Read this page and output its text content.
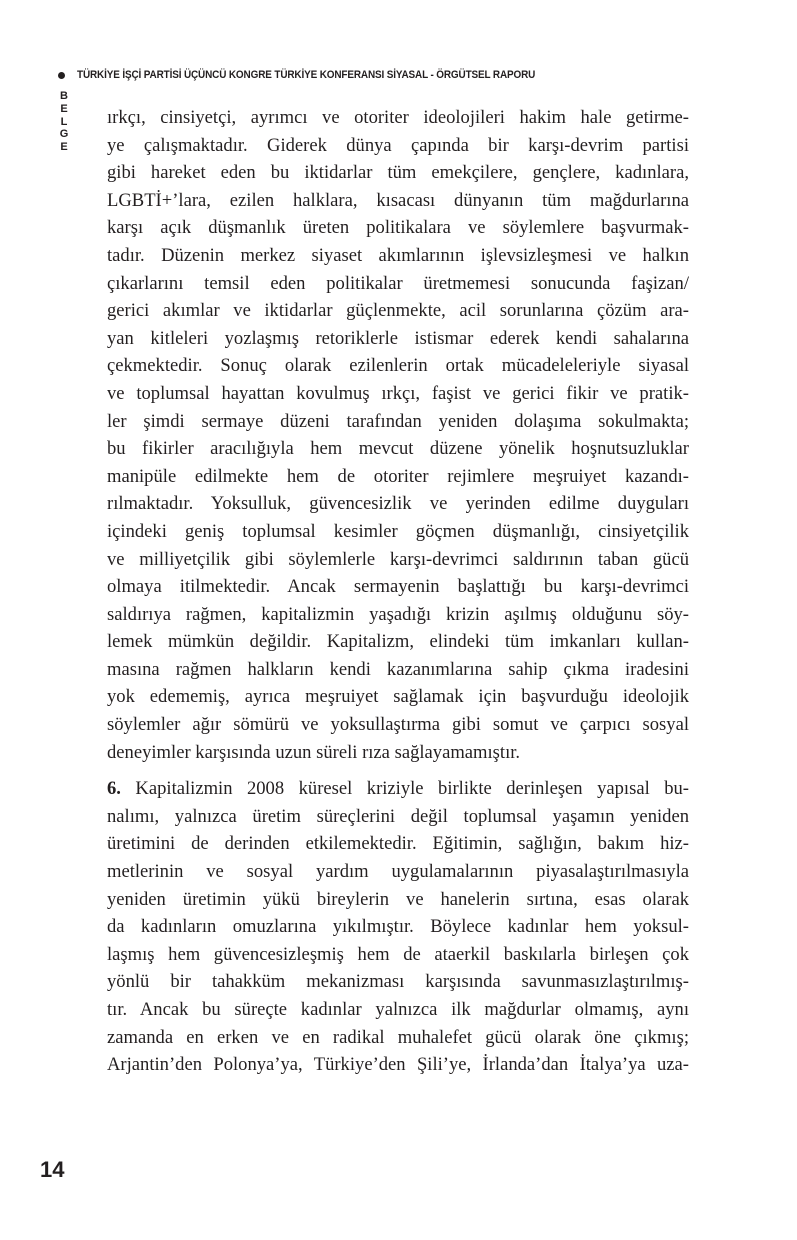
TÜRKİYE İŞÇİ PARTİSİ ÜÇÜNCÜ KONGRE TÜRKİYE KONFERANSI SİYASAL - ÖRGÜTSEL RAPORU
B
E
L
G
E

ırkçı, cinsiyetçi, ayrımcı ve otoriter ideolojileri hakim hale getirme-
ye çalışmaktadır. Giderek dünya çapında bir karşı-devrim partisi
gibi hareket eden bu iktidarlar tüm emekçilere, gençlere, kadınlara,
LGBTİ+’lara, ezilen halklara, kısacası dünyanın tüm mağdurlarına
karşı açık düşmanlık üreten politikalara ve söylemlere başvurmak-
tadır. Düzenin merkez siyaset akımlarının işlevsizleşmesi ve halkın
çıkarlarını temsil eden politikalar üretmemesi sonucunda faşizan/
gerici akımlar ve iktidarlar güçlenmekte, acil sorunlarına çözüm ara-
yan kitleleri yozlaşmış retoriklerle istismar ederek kendi sahalarına
çekmektedir. Sonuç olarak ezilenlerin ortak mücadeleleriyle siyasal
ve toplumsal hayattan kovulmuş ırkçı, faşist ve gerici fikir ve pratik-
ler şimdi sermaye düzeni tarafından yeniden dolaşıma sokulmakta;
bu fikirler aracılığıyla hem mevcut düzene yönelik hoşnutsuzluklar
manipüle edilmekte hem de otoriter rejimlere meşruiyet kazandı-
rılmaktadır. Yoksulluk, güvencesizlik ve yerinden edilme duyguları
içindeki geniş toplumsal kesimler göçmen düşmanlığı, cinsiyetçilik
ve milliyetçilik gibi söylemlerle karşı-devrimci saldırının taban gücü
olmaya itilmektedir. Ancak sermayenin başlattığı bu karşı-devrimci
saldırıya rağmen, kapitalizmin yaşadığı krizin aşılmış olduğunu söy-
lemek mümkün değildir. Kapitalizm, elindeki tüm imkanları kullan-
masına rağmen halkların kendi kazanımlarına sahip çıkma iradesini
yok edememiş, ayrıca meşruiyet sağlamak için başvurduğu ideolojik
söylemler ağır sömürü ve yoksullaştırma gibi somut ve çarpıcı sosyal
deneyimler karşısında uzun süreli rıza sağlayamamıştır.

6. Kapitalizmin 2008 küresel kriziyle birlikte derinleşen yapısal bu-
nalımı, yalnızca üretim süreçlerini değil toplumsal yaşamın yeniden
üretimini de derinden etkilemektedir. Eğitimin, sağlığın, bakım hiz-
metlerinin ve sosyal yardım uygulamalarının piyasalaştırılmasıyla
yeniden üretimin yükü bireylerin ve hanelerin sırtına, esas olarak
da kadınların omuzlarına yıkılmıştır. Böylece kadınlar hem yoksul-
laşmış hem güvencesizleşmiş hem de ataerkil baskılarla birleşen çok
yönlü bir tahakküm mekanizması karşısında savunmasızlaştırılmış-
tır. Ancak bu süreçte kadınlar yalnızca ilk mağdurlar olmamış, aynı
zamanda en erken ve en radikal muhalefet gücü olarak öne çıkmış;
Arjantin’den Polonya’ya, Türkiye’den Şili’ye, İrlanda’dan İtalya’ya uza-

14
